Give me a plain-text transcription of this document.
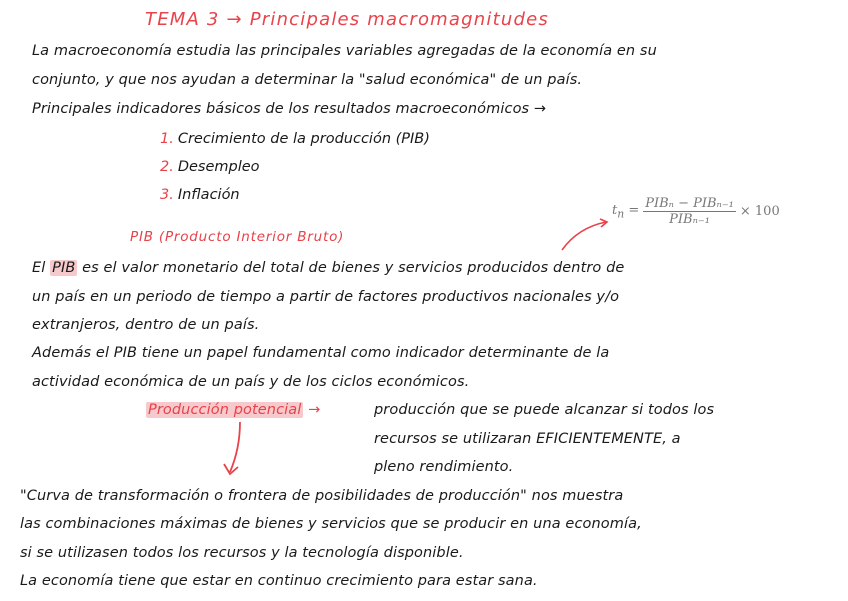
TEMA 3 → Principales macromagnitudes
La macroeconomía estudia las principales variables agregadas de la economía en su
conjunto, y que nos ayudan a determinar la "salud económica" de un país.
Principales indicadores básicos de los resultados macroeconómicos →
1. Crecimiento de la producción (PIB)
2. Desempleo
3. Inflación
$t_n = \frac{\text{PIBₙ − PIBₙ₋₁}}{\text{PIBₙ₋₁}} \times 100$
PIB (Producto Interior Bruto)
El PIB es el valor monetario del total de bienes y servicios producidos dentro de
un país en un periodo de tiempo a partir de factores productivos nacionales y/o
extranjeros, dentro de un país.
Además el PIB tiene un papel fundamental como indicador determinante de la
actividad económica de un país y de los ciclos económicos.
Producción potencial →	producción que se puede alcanzar si todos los
recursos se utilizaran EFICIENTEMENTE, a
pleno rendimiento.
"Curva de transformación o frontera de posibilidades de producción" nos muestra
las combinaciones máximas de bienes y servicios que se producir en una economía,
si se utilizasen todos los recursos y la tecnología disponible.
La economía tiene que estar en continuo crecimiento para estar sana.
